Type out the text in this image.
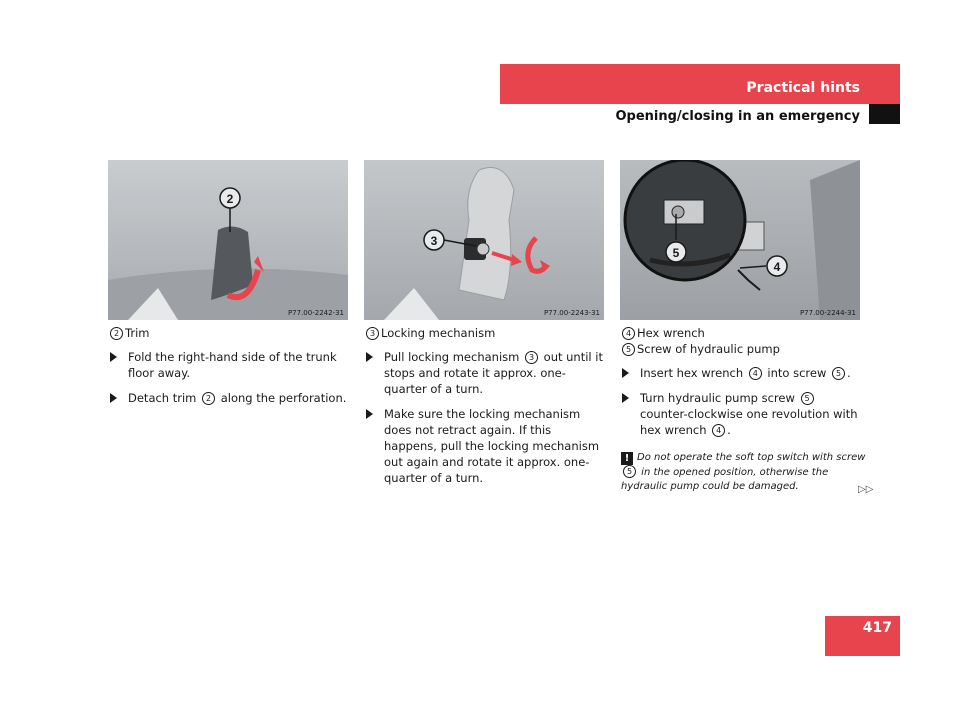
Practical hints
Opening/closing in an emergency
2
P77.00-2242-31
3
P77.00-2243-31
5
4
P77.00-2244-31

2 Trim

Fold the right-hand side of the trunk floor away.

Detach trim 2 along the perforation.

3 Locking mechanism

Pull locking mechanism 3 out until it stops and rotate it approx. one-quarter of a turn.

Make sure the locking mechanism does not retract again. If this happens, pull the locking mechanism out again and rotate it approx. one-quarter of a turn.

4 Hex wrench

5 Screw of hydraulic pump

Insert hex wrench 4 into screw 5 .

Turn hydraulic pump screw 5 counter-clockwise one revolution with hex wrench 4 .

! Do not operate the soft top switch with screw 5 in the opened position, otherwise the hydraulic pump could be damaged.	▷▷
417
